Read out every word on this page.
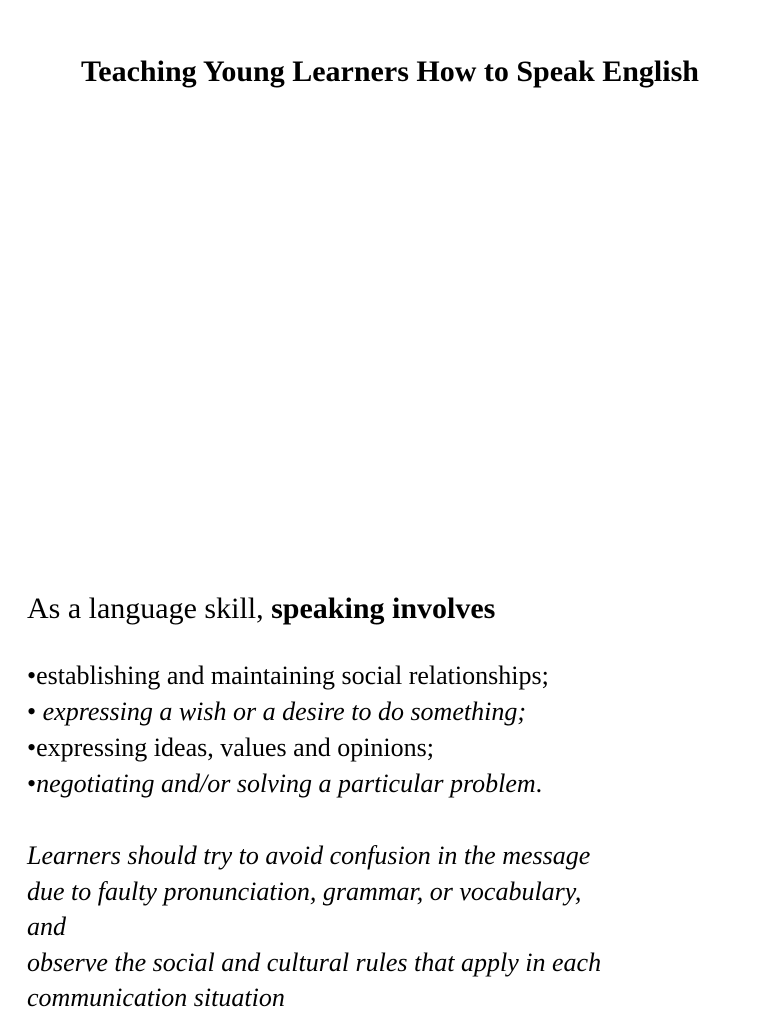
Teaching Young Learners How to Speak English

As a language skill, speaking involves

•establishing and maintaining social relationships;
• expressing a wish or a desire to do something;
•expressing ideas, values and opinions;
•negotiating and/or solving a particular problem.
Learners should try to avoid confusion in the message
due to faulty pronunciation, grammar, or vocabulary,
and
observe the social and cultural rules that apply in each
communication situation
